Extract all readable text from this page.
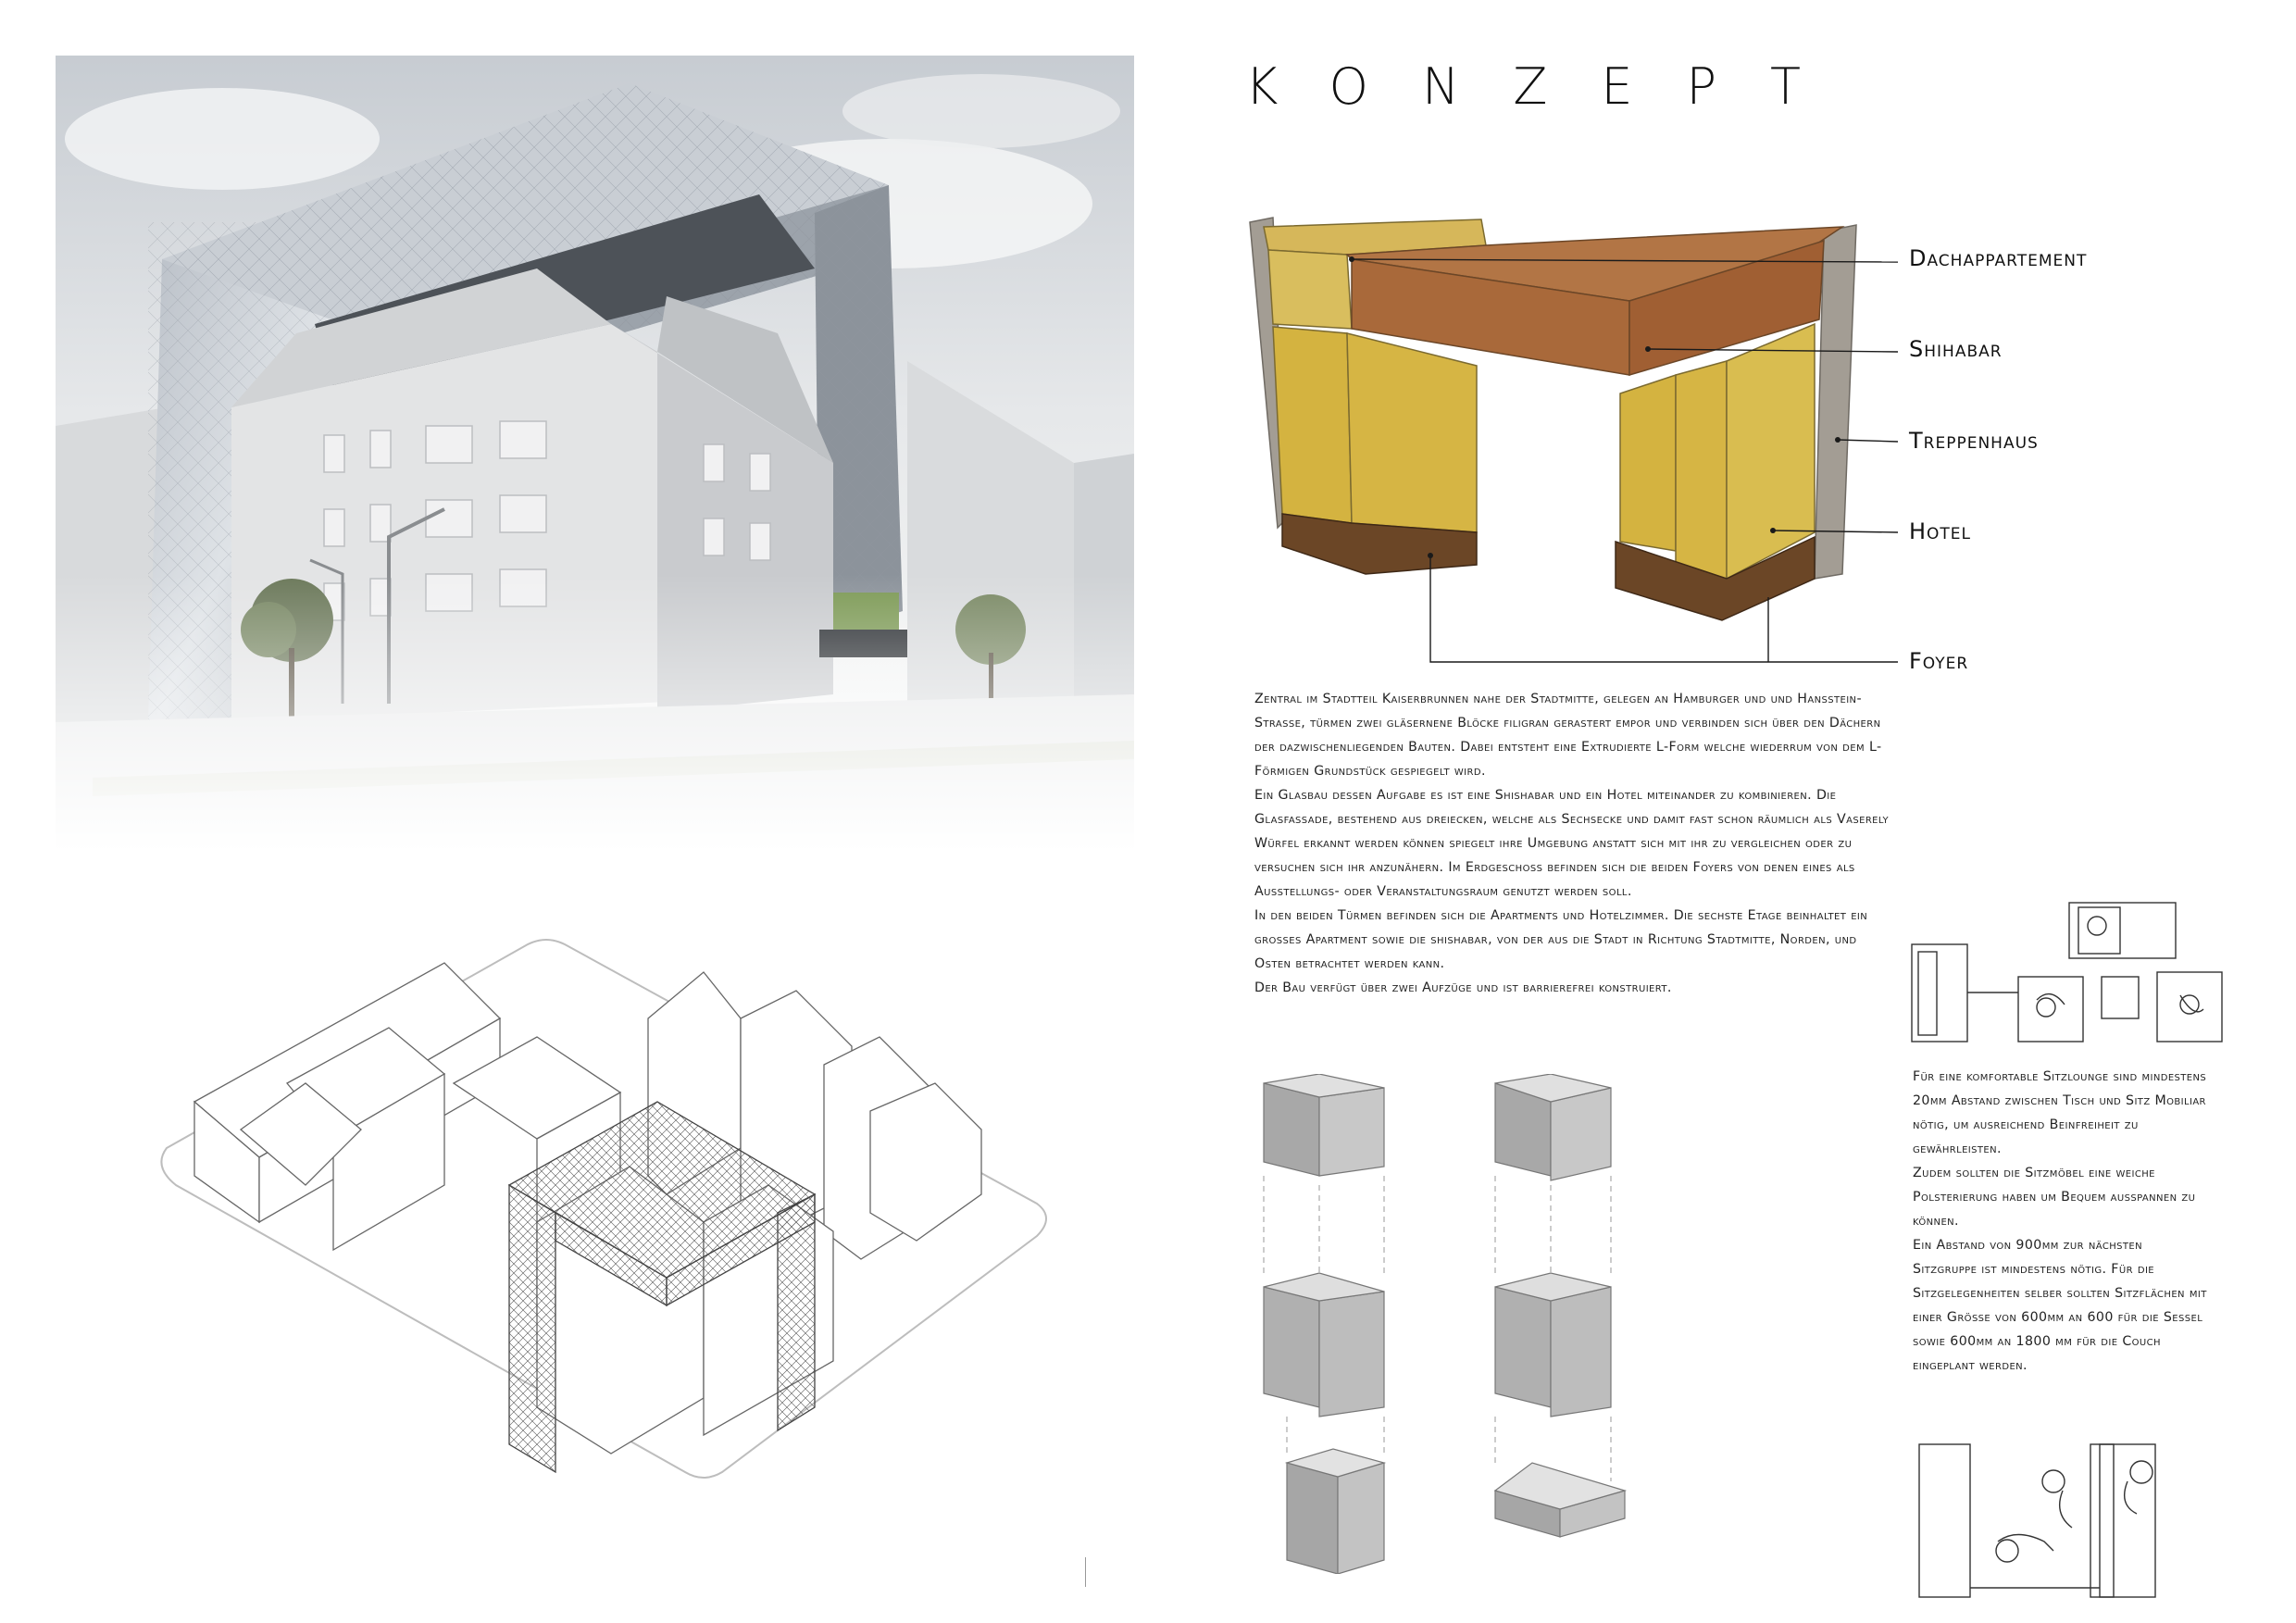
KONZEPT
Dachappartement
Shihabar
Treppenhaus
Hotel
Foyer

Zentral im Stadtteil Kaiserbrunnen nahe der Stadtmitte, gelegen an Hamburger und und Hansstein-Strasse, türmen zwei gläsernene Blöcke filigran gerastert empor und verbinden sich über den Dächern der dazwischenliegenden Bauten. Dabei entsteht eine Extrudierte L-Form welche wiederrum von dem L-Förmigen Grundstück gespiegelt wird.

Ein Glasbau dessen Aufgabe es ist eine Shishabar und ein Hotel miteinander zu kombinieren. Die Glasfassade, bestehend aus dreiecken, welche als Sechsecke und damit fast schon räumlich als Vaserely Würfel erkannt werden können spiegelt ihre Umgebung anstatt sich mit ihr zu vergleichen oder zu versuchen sich ihr anzunähern. Im Erdgeschoss befinden sich die beiden Foyers von denen eines als Ausstellungs- oder Veranstaltungsraum genutzt werden soll.

In den beiden Türmen befinden sich die Apartments und Hotelzimmer. Die sechste Etage beinhaltet ein grosses Apartment sowie die shishabar, von der aus die Stadt in Richtung Stadtmitte, Norden, und Osten betrachtet werden kann.

Der Bau verfügt über zwei Aufzüge und ist barrierefrei konstruiert.

Für eine komfortable Sitzlounge sind mindestens 20mm Abstand zwischen Tisch und Sitz Mobiliar nötig, um ausreichend Beinfreiheit zu gewährleisten.

Zudem sollten die Sitzmöbel eine weiche Polsterierung haben um Bequem ausspannen zu können.

Ein Abstand von 900mm zur nächsten Sitzgruppe ist mindestens nötig. Für die Sitzgelegenheiten selber sollten Sitzflächen mit einer Grösse von 600mm an 600 für die Sessel sowie 600mm an 1800 mm für die Couch eingeplant werden.
